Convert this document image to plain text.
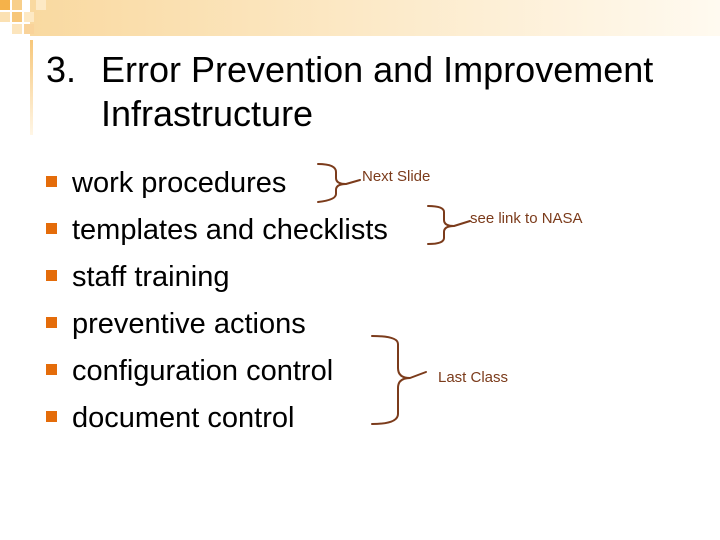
3. Error Prevention and Improvement
Infrastructure
work procedures
templates and checklists
staff training
preventive actions
configuration control
document control
Next Slide
see link to NASA
Last Class
